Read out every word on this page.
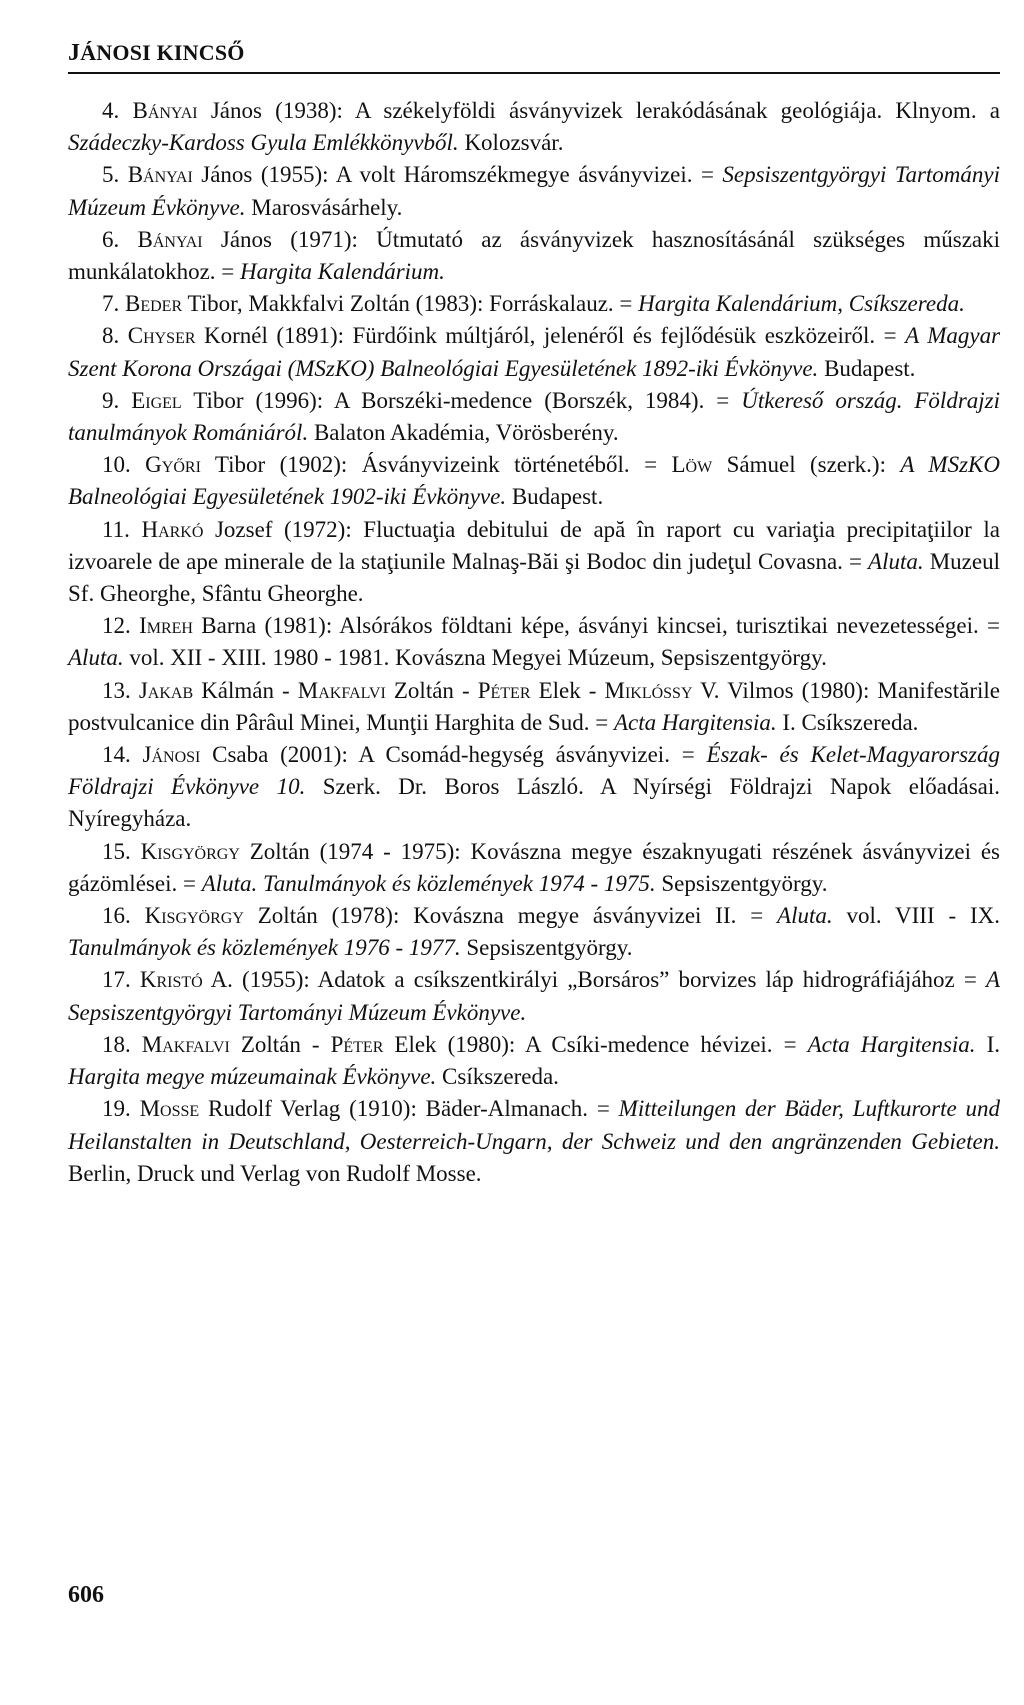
JÁNOSI KINCSŐ

4. Bányai János (1938): A székelyföldi ásványvizek lerakódásának geológiája. Klnyom. a Szádeczky-Kardoss Gyula Emlékkönyvből. Kolozsvár.

5. Bányai János (1955): A volt Háromszékmegye ásványvizei. = Sepsiszentgyörgyi Tartományi Múzeum Évkönyve. Marosvásárhely.

6. Bányai János (1971): Útmutató az ásványvizek hasznosításánál szükséges műszaki munkálatokhoz. = Hargita Kalendárium.

7. Beder Tibor, Makkfalvi Zoltán (1983): Forráskalauz. = Hargita Kalendárium, Csíkszereda.

8. Chyser Kornél (1891): Fürdőink múltjáról, jelenéről és fejlődésük eszközeiről. = A Magyar Szent Korona Országai (MSzKO) Balneológiai Egyesületének 1892-iki Évkönyve. Budapest.

9. Eigel Tibor (1996): A Borszéki-medence (Borszék, 1984). = Útkereső ország. Földrajzi tanulmányok Romániáról. Balaton Akadémia, Vörösberény.

10. Győri Tibor (1902): Ásványvizeink történetéből. = Löw Sámuel (szerk.): A MSzKO Balneológiai Egyesületének 1902-iki Évkönyve. Budapest.

11. Harkó Jozsef (1972): Fluctuaţia debitului de apă în raport cu variaţia precipitaţiilor la izvoarele de ape minerale de la staţiunile Malnaş-Băi şi Bodoc din judeţul Covasna. = Aluta. Muzeul Sf. Gheorghe, Sfântu Gheorghe.

12. Imreh Barna (1981): Alsórákos földtani képe, ásványi kincsei, turisztikai nevezetességei. = Aluta. vol. XII - XIII. 1980 - 1981. Kovászna Megyei Múzeum, Sepsiszentgyörgy.

13. Jakab Kálmán - Makfalvi Zoltán - Péter Elek - Miklóssy V. Vilmos (1980): Manifestările postvulcanice din Pârâul Minei, Munţii Harghita de Sud. = Acta Hargitensia. I. Csíkszereda.

14. Jánosi Csaba (2001): A Csomád-hegység ásványvizei. = Észak- és Kelet-Magyarország Földrajzi Évkönyve 10. Szerk. Dr. Boros László. A Nyírségi Földrajzi Napok előadásai. Nyíregyháza.

15. Kisgyörgy Zoltán (1974 - 1975): Kovászna megye északnyugati részének ásványvizei és gázömlései. = Aluta. Tanulmányok és közlemények 1974 - 1975. Sepsiszentgyörgy.

16. Kisgyörgy Zoltán (1978): Kovászna megye ásványvizei II. = Aluta. vol. VIII - IX. Tanulmányok és közlemények 1976 - 1977. Sepsiszentgyörgy.

17. Kristó A. (1955): Adatok a csíkszentkirályi „Borsáros” borvizes láp hidrográfiájához = A Sepsiszentgyörgyi Tartományi Múzeum Évkönyve.

18. Makfalvi Zoltán - Péter Elek (1980): A Csíki-medence hévizei. = Acta Hargitensia. I. Hargita megye múzeumainak Évkönyve. Csíkszereda.

19. Mosse Rudolf Verlag (1910): Bäder-Almanach. = Mitteilungen der Bäder, Luftkurorte und Heilanstalten in Deutschland, Oesterreich-Ungarn, der Schweiz und den angränzenden Gebieten. Berlin, Druck und Verlag von Rudolf Mosse.

606
